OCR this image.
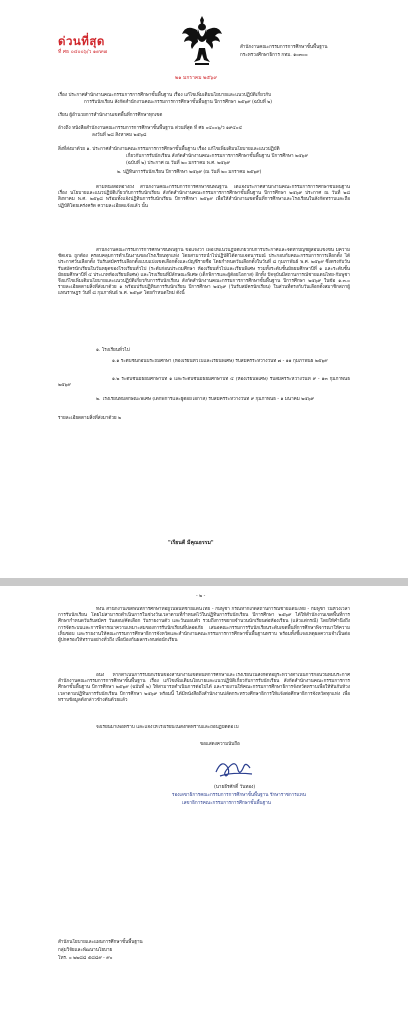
ด่วนที่สุด
ที่ ศธ ๐๔๐๐๖/ว ๑๙๙๗
สำนักงานคณะกรรมการการศึกษาขั้นพื้นฐาน
กระทรวงศึกษาธิการ กทม. ๑๐๓๐๐
๒๑ มกราคม ๒๕๖๙
เรื่อง ประกาศสำนักงานคณะกรรมการการศึกษาขั้นพื้นฐาน เรื่อง แก้ไขเพิ่มเติมนโยบายและแนวปฏิบัติเกี่ยวกับ
การรับนักเรียน สังกัดสำนักงานคณะกรรมการการศึกษาขั้นพื้นฐาน ปีการศึกษา ๒๕๖๙ (ฉบับที่ ๒)
เรียน ผู้อำนวยการสำนักงานเขตพื้นที่การศึกษาทุกเขต
อ้างถึง หนังสือสำนักงานคณะกรรมการการศึกษาขั้นพื้นฐาน ด่วนที่สุด ที่ ศธ ๐๔๐๐๖/ว ๑๙๔๐๔
ลงวันที่ ๒๘ สิงหาคม ๒๕๖๘
สิ่งที่ส่งมาด้วย ๑. ประกาศสำนักงานคณะกรรมการการศึกษาขั้นพื้นฐาน เรื่อง แก้ไขเพิ่มเติมนโยบายและแนวปฏิบัติ
เกี่ยวกับการรับนักเรียน สังกัดสำนักงานคณะกรรมการการศึกษาขั้นพื้นฐาน ปีการศึกษา ๒๕๖๙
(ฉบับที่ ๒) ประกาศ ณ วันที่ ๒๐ มกราคม พ.ศ. ๒๕๖๙
๒. ปฏิทินการรับนักเรียน ปีการศึกษา ๒๕๖๙ (ณ วันที่ ๒๐ มกราคม ๒๕๖๙)
ตามหนังสือที่อ้างถึง สำนักงานคณะกรรมการการศึกษาขั้นพื้นฐาน ได้แจ้งประกาศสำนักงานคณะกรรมการการศึกษาขั้นพื้นฐาน เรื่อง นโยบายและแนวปฏิบัติเกี่ยวกับการรับนักเรียน สังกัดสำนักงานคณะกรรมการการศึกษาขั้นพื้นฐาน ปีการศึกษา ๒๕๖๙ ประกาศ ณ วันที่ ๒๘ สิงหาคม พ.ศ. ๒๕๖๘ พร้อมทั้งแจ้งปฏิทินการรับนักเรียน ปีการศึกษา ๒๕๖๙ เพื่อให้สำนักงานเขตพื้นที่การศึกษาและโรงเรียนในสังกัดทราบและถือปฏิบัติโดยเคร่งครัด ความละเอียดแจ้งแล้ว นั้น
สำนักงานคณะกรรมการการศึกษาขั้นพื้นฐาน ขอแจ้งว่า เพื่อให้แนวปฏิบัติเกี่ยวกับการประกาศและจัดทำบัญชีผู้สอบแข่งขัน มีความชัดเจน ถูกต้อง ครอบคลุมการดำเนินงานของโรงเรียนทุกแห่ง โดยสามารถนำไปปฏิบัติได้ตามเจตนารมณ์ ประกอบกับคณะกรรมการการเลือกตั้ง ได้ประกาศวันเลือกตั้ง วันรับสมัครรับเลือกตั้งแบบแบ่งเขตเลือกตั้งและบัญชีรายชื่อ โดยกำหนดวันเลือกตั้งในวันที่ ๘ กุมภาพันธ์ พ.ศ. ๒๕๖๙ ซึ่งตรงกับวันรับสมัครนักเรียนในวันหยุดของโรงเรียนทั่วไป (ระดับก่อนประถมศึกษา ห้องเรียนทั่วไปและเรียนพิเศษ รวมทั้งระดับชั้นมัธยมศึกษาปีที่ ๑ และระดับชั้นมัธยมศึกษาปีที่ ๔ ประเภทห้องเรียนพิเศษ) และโรงเรียนที่มีลักษณะพิเศษ (เด็กพิการและผู้ด้อยโอกาส) อีกทั้ง ปัจจุบันมีสถานการณ์ชายแดนไทย-กัมพูชา จึงแก้ไขเพิ่มเติมนโยบายและแนวปฏิบัติเกี่ยวกับการรับนักเรียน สังกัดสำนักงานคณะกรรมการการศึกษาขั้นพื้นฐาน ปีการศึกษา ๒๕๖๙ ในข้อ ๑.๓.๐ รายละเอียดตามสิ่งที่ส่งมาด้วย ๑ พร้อมปรับปฏิทินการรับนักเรียน ปีการศึกษา ๒๕๖๙ (วันรับสมัครนักเรียน) ในส่วนที่ตรงกับวันเลือกตั้งสมาชิกสภาผู้แทนราษฎร วันที่ ๘ กุมภาพันธ์ พ.ศ. ๒๕๖๙ โดยกำหนดใหม่ ดังนี้
๑. โรงเรียนทั่วไป
๑.๑ ระดับชั้นก่อนประถมศึกษา (ห้องเรียนทั่วไปและเรียนพิเศษ) รับสมัครระหว่างวันที่ ๗ - ๑๑ กุมภาพันธ์ ๒๕๖๙
๑.๒ ระดับชั้นมัธยมศึกษาปีที่ ๑ และระดับชั้นมัธยมศึกษาปีที่ ๔ (ห้องเรียนพิเศษ) รับสมัครระหว่างวันที่ ๙ - ๑๓ กุมภาพันธ์ ๒๕๖๙
๒. โรงเรียนที่มีลักษณะพิเศษ (เด็กพิการและผู้ด้อยโอกาส) รับสมัครระหว่างวันที่ ๙ กุมภาพันธ์ - ๑ มีนาคม ๒๕๖๙
รายละเอียดตามสิ่งที่ส่งมาด้วย ๒
"เรียนดี มีคุณธรรม"
- ๒ -
ทั้งนี้ สำนักงานเขตพื้นที่การศึกษาที่อยู่ในพื้นที่ชายแดนไทย - กัมพูชา กรณีหากเกิดสถานการณ์ชายแดนไทย - กัมพูชา ในห้วงเวลาการรับนักเรียน โดยไม่สามารถดำเนินการในช่วงวันเวลาตามที่กำหนดไว้ในปฏิทินการรับนักเรียน ปีการศึกษา ๒๕๖๙ ได้ให้สำนักงานเขตพื้นที่การศึกษากำหนดวันรับสมัคร วันสอบ/คัดเลือก วันรายงานตัว และวันมอบตัว รวมถึงการขยายจำนวนนักเรียนต่อห้องเรียน (แล้วแต่กรณี) โดยให้คำนึงถึงการจัดระบบและการพิจารณาความเหมาะสมของการรับนักเรียนที่ปลอดภัย เสนอคณะกรรมการรับนักเรียนระดับเขตพื้นที่การศึกษาพิจารณาให้ความเห็นชอบ และรายงานให้คณะกรรมการศึกษาธิการจังหวัดและสำนักงานคณะกรรมการการศึกษาขั้นพื้นฐานทราบ พร้อมทั้งชี้แจงเหตุผลความจำเป็นต่อผู้ปกครองให้ทราบอย่างทั่วถึง เพื่อป้องกันผลกระทบต่อนักเรียน
อนึ่ง หากดำเนินการรับนักเรียนของสำนักงานเขตพื้นที่การศึกษาและโรงเรียนในสังกัดที่อยู่ระหว่างดำเนินการก่อนวันที่มีประกาศสำนักงานคณะกรรมการการศึกษาขั้นพื้นฐาน เรื่อง แก้ไขเพิ่มเติมนโยบายและแนวปฏิบัติเกี่ยวกับการรับนักเรียน สังกัดสำนักงานคณะกรรมการการศึกษาขั้นพื้นฐาน ปีการศึกษา ๒๕๖๙ (ฉบับที่ ๒) ให้สามารถดำเนินการต่อไปได้ และรายงานให้คณะกรรมการศึกษาธิการจังหวัดทราบเพื่อให้ทันกับห้วงเวลาตามปฏิทินการรับนักเรียน ปีการศึกษา ๒๕๖๙ พร้อมนี้ ได้มีหนังสือถึงสำนักงานปลัดกระทรวงศึกษาธิการให้แจ้งต่อศึกษาธิการจังหวัดทุกแห่ง เพื่อทราบข้อมูลดังกล่าวข้างต้นด้วยแล้ว
จึงเรียนมาเพื่อทราบ และแจ้งให้โรงเรียนในสังกัดทราบและถือปฏิบัติต่อไป
ขอแสดงความนับถือ
(นายธีรศักดิ์ วันทอง)
รองเลขาธิการคณะกรรมการการศึกษาขั้นพื้นฐาน รักษาราชการแทน
เลขาธิการคณะกรรมการการศึกษาขั้นพื้นฐาน
สำนักนโยบายและแผนการศึกษาขั้นพื้นฐาน
กลุ่มวิจัยและพัฒนานโยบาย
โทร. ๐ ๒๒๘๘ ๕๘๘๙ - ๙๐
